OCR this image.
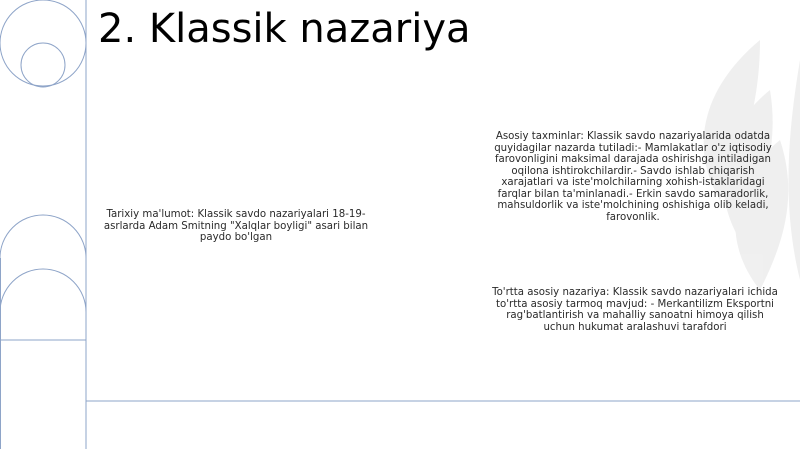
2. Klassik nazariya
Tarixiy ma'lumot: Klassik savdo nazariyalari 18-19-asrlarda Adam Smitning "Xalqlar boyligi" asari bilan paydo bo'lgan
Asosiy taxminlar: Klassik savdo nazariyalarida odatda quyidagilar nazarda tutiladi:- Mamlakatlar o'z iqtisodiy farovonligini maksimal darajada oshirishga intiladigan oqilona ishtirokchilardir.- Savdo ishlab chiqarish xarajatlari va iste'molchilarning xohish-istaklaridagi farqlar bilan ta'minlanadi.- Erkin savdo samaradorlik, mahsuldorlik va iste'molchining oshishiga olib keladi, farovonlik.
To'rtta asosiy nazariya: Klassik savdo nazariyalari ichida to'rtta asosiy tarmoq mavjud: - Merkantilizm Eksportni rag'batlantirish va mahalliy sanoatni himoya qilish uchun hukumat aralashuvi tarafdori
